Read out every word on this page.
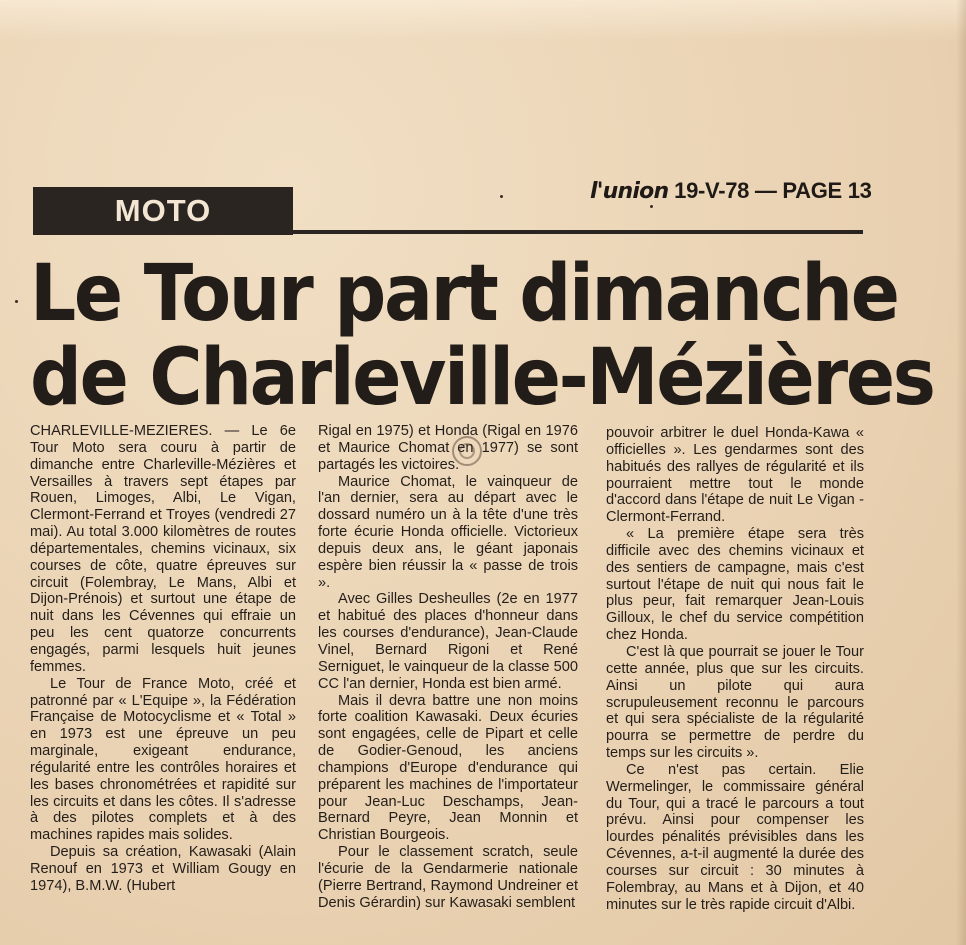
MOTO
l'union 19-V-78 — PAGE 13
Le Tour part dimanche
de Charleville-Mézières

CHARLEVILLE-MEZIERES. — Le 6e Tour Moto sera couru à partir de dimanche entre Charleville-Mézières et Versailles à travers sept étapes par Rouen, Limoges, Albi, Le Vigan, Clermont-Ferrand et Troyes (vendredi 27 mai). Au total 3.000 kilomètres de routes départementales, chemins vicinaux, six courses de côte, quatre épreuves sur circuit (Folembray, Le Mans, Albi et Dijon-Prénois) et surtout une étape de nuit dans les Cévennes qui effraie un peu les cent quatorze concurrents engagés, parmi lesquels huit jeunes femmes.

Le Tour de France Moto, créé et patronné par « L'Equipe », la Fédération Française de Motocyclisme et « Total » en 1973 est une épreuve un peu marginale, exigeant endurance, régularité entre les contrôles horaires et les bases chronométrées et rapidité sur les circuits et dans les côtes. Il s'adresse à des pilotes complets et à des machines rapides mais solides.

Depuis sa création, Kawasaki (Alain Renouf en 1973 et William Gougy en 1974), B.M.W. (Hubert

Rigal en 1975) et Honda (Rigal en 1976 et Maurice Chomat en 1977) se sont partagés les victoires.

Maurice Chomat, le vainqueur de l'an dernier, sera au départ avec le dossard numéro un à la tête d'une très forte écurie Honda officielle. Victorieux depuis deux ans, le géant japonais espère bien réussir la « passe de trois ».

Avec Gilles Desheulles (2e en 1977 et habitué des places d'honneur dans les courses d'endurance), Jean-Claude Vinel, Bernard Rigoni et René Serniguet, le vainqueur de la classe 500 CC l'an dernier, Honda est bien armé.

Mais il devra battre une non moins forte coalition Kawasaki. Deux écuries sont engagées, celle de Pipart et celle de Godier-Genoud, les anciens champions d'Europe d'endurance qui préparent les machines de l'importateur pour Jean-Luc Deschamps, Jean-Bernard Peyre, Jean Monnin et Christian Bourgeois.

Pour le classement scratch, seule l'écurie de la Gendarmerie nationale (Pierre Bertrand, Raymond Undreiner et Denis Gérardin) sur Kawasaki semblent

pouvoir arbitrer le duel Honda-Kawa « officielles ». Les gendarmes sont des habitués des rallyes de régularité et ils pourraient mettre tout le monde d'accord dans l'étape de nuit Le Vigan - Clermont-Ferrand.

« La première étape sera très difficile avec des chemins vicinaux et des sentiers de campagne, mais c'est surtout l'étape de nuit qui nous fait le plus peur, fait remarquer Jean-Louis Gilloux, le chef du service compétition chez Honda.

C'est là que pourrait se jouer le Tour cette année, plus que sur les circuits. Ainsi un pilote qui aura scrupuleusement reconnu le parcours et qui sera spécialiste de la régularité pourra se permettre de perdre du temps sur les circuits ».

Ce n'est pas certain. Elie Wermelinger, le commissaire général du Tour, qui a tracé le parcours a tout prévu. Ainsi pour compenser les lourdes pénalités prévisibles dans les Cévennes, a-t-il augmenté la durée des courses sur circuit : 30 minutes à Folembray, au Mans et à Dijon, et 40 minutes sur le très rapide circuit d'Albi.
